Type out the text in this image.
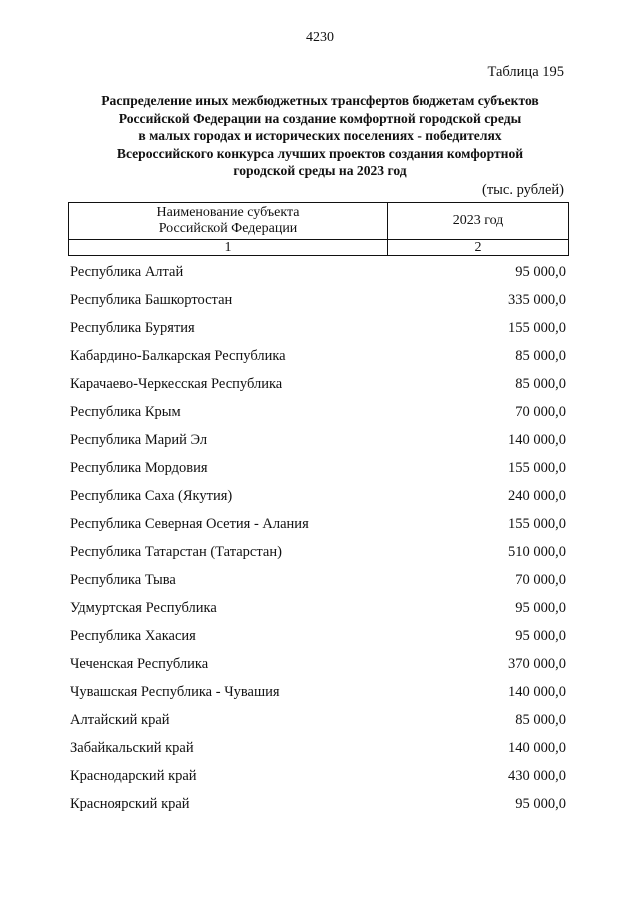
4230
Таблица 195
Распределение иных межбюджетных трансфертов бюджетам субъектов
Российской Федерации на создание комфортной городской среды
в малых городах и исторических поселениях - победителях
Всероссийского конкурса лучших проектов создания комфортной
городской среды на 2023 год
(тыс. рублей)
Наименование субъекта
Российской Федерации	2023 год
1	2
Республика Алтай	95 000,0
Республика Башкортостан	335 000,0
Республика Бурятия	155 000,0
Кабардино-Балкарская Республика	85 000,0
Карачаево-Черкесская Республика	85 000,0
Республика Крым	70 000,0
Республика Марий Эл	140 000,0
Республика Мордовия	155 000,0
Республика Саха (Якутия)	240 000,0
Республика Северная Осетия - Алания	155 000,0
Республика Татарстан (Татарстан)	510 000,0
Республика Тыва	70 000,0
Удмуртская Республика	95 000,0
Республика Хакасия	95 000,0
Чеченская Республика	370 000,0
Чувашская Республика - Чувашия	140 000,0
Алтайский край	85 000,0
Забайкальский край	140 000,0
Краснодарский край	430 000,0
Красноярский край	95 000,0
